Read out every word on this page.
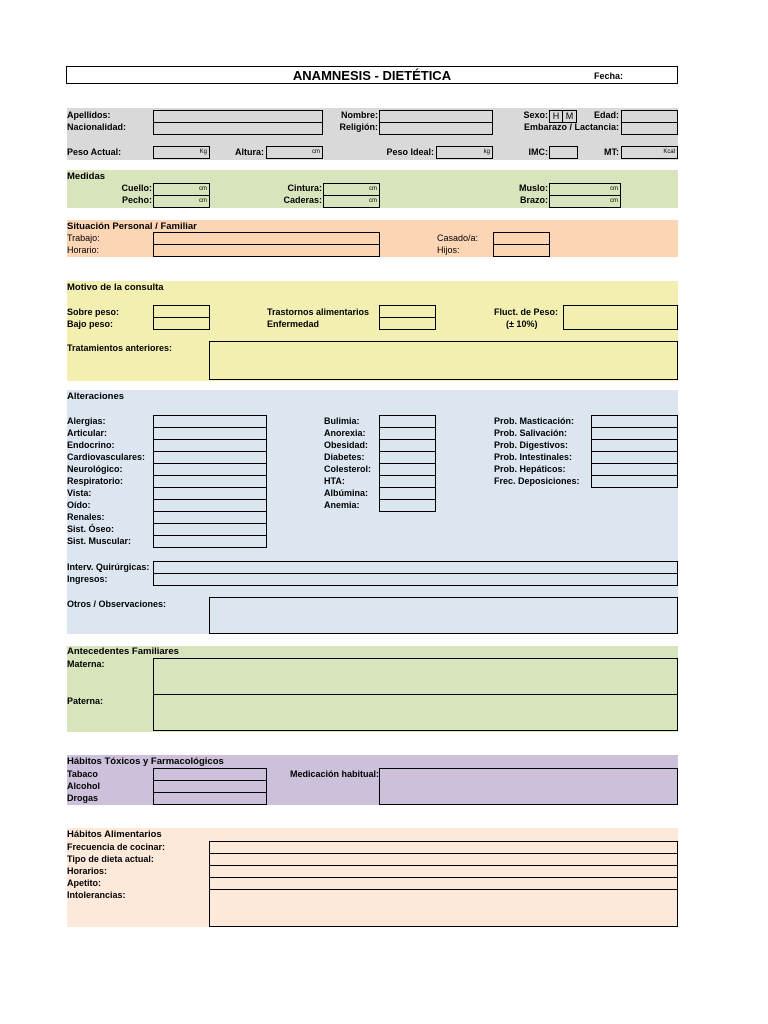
ANAMNESIS - DIETÉTICA	Fecha:
Apellidos:
Nacionalidad:
Nombre:
Religión:
Sexo: H M	Edad:
Embarazo / Lactancia:
Peso Actual:	Kg	Altura:	cm	Peso Ideal:	kg	IMC:	MT:	Kcal
Medidas
Cuello:	cm
Pecho:	cm
Cintura:	cm
Caderas:	cm
Muslo:	cm
Brazo:	cm
Situación Personal / Familiar
Trabajo:
Horario:
Casado/a:
Hijos:
Motivo de la consulta
Sobre peso:
Bajo peso:
Trastornos alimentarios
Enfermedad
Fluct. de Peso:
(± 10%)
Tratamientos anteriores:
Alteraciones
Alergias:
Articular:
Endocrino:
Cardiovasculares:
Neurológico:
Respiratorio:
Vista:
Oído:
Renales:
Sist. Óseo:
Sist. Muscular:
Bulimia:
Anorexia:
Obesidad:
Diabetes:
Colesterol:
HTA:
Albúmina:
Anemia:
Prob. Masticación:
Prob. Salivación:
Prob. Digestivos:
Prob. Intestinales:
Prob. Hepáticos:
Frec. Deposiciones:
Interv. Quirúrgicas:
Ingresos:
Otros / Observaciones:
Antecedentes Familiares
Materna:
Paterna:
Hábitos Tóxicos y Farmacológicos
Tabaco
Alcohol
Drogas
Medicación habitual:
Hábitos Alimentarios
Frecuencia de cocinar:
Tipo de dieta actual:
Horarios:
Apetito:
Intolerancias:
